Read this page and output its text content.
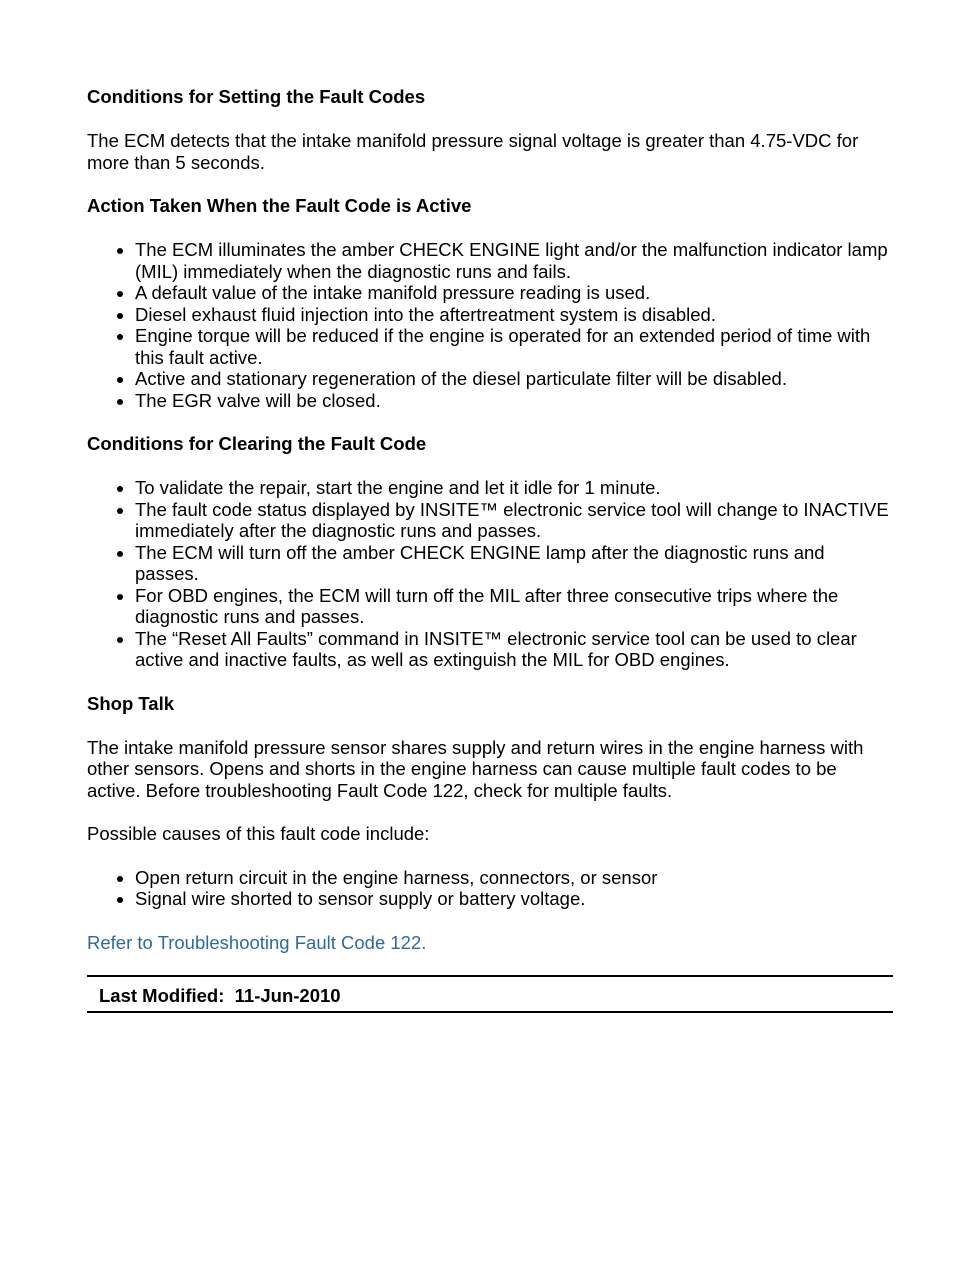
Conditions for Setting the Fault Codes

The ECM detects that the intake manifold pressure signal voltage is greater than 4.75-VDC for more than 5 seconds.

Action Taken When the Fault Code is Active

The ECM illuminates the amber CHECK ENGINE light and/or the malfunction indicator lamp (MIL) immediately when the diagnostic runs and fails.
A default value of the intake manifold pressure reading is used.
Diesel exhaust fluid injection into the aftertreatment system is disabled.
Engine torque will be reduced if the engine is operated for an extended period of time with this fault active.
Active and stationary regeneration of the diesel particulate filter will be disabled.
The EGR valve will be closed.

Conditions for Clearing the Fault Code

To validate the repair, start the engine and let it idle for 1 minute.
The fault code status displayed by INSITE™ electronic service tool will change to INACTIVE immediately after the diagnostic runs and passes.
The ECM will turn off the amber CHECK ENGINE lamp after the diagnostic runs and passes.
For OBD engines, the ECM will turn off the MIL after three consecutive trips where the diagnostic runs and passes.
The “Reset All Faults” command in INSITE™ electronic service tool can be used to clear active and inactive faults, as well as extinguish the MIL for OBD engines.

Shop Talk

The intake manifold pressure sensor shares supply and return wires in the engine harness with other sensors. Opens and shorts in the engine harness can cause multiple fault codes to be active. Before troubleshooting Fault Code 122, check for multiple faults.

Possible causes of this fault code include:

Open return circuit in the engine harness, connectors, or sensor
Signal wire shorted to sensor supply or battery voltage.

Refer to Troubleshooting Fault Code 122.

Last Modified:  11-Jun-2010
